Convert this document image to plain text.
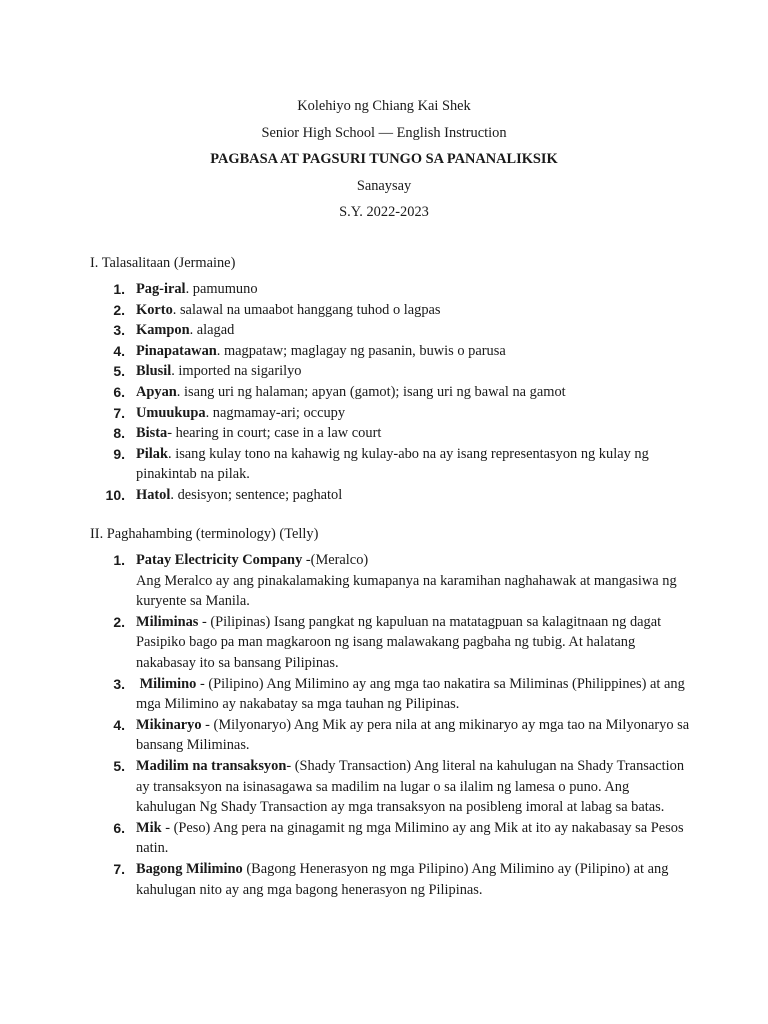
Kolehiyo ng Chiang Kai Shek
Senior High School — English Instruction
PAGBASA AT PAGSURI TUNGO SA PANANALIKSIK
Sanaysay
S.Y. 2022-2023
I. Talasalitaan (Jermaine)
1. Pag-iral. pamumuno
2. Korto. salawal na umaabot hanggang tuhod o lagpas
3. Kampon. alagad
4. Pinapatawan. magpataw; maglagay ng pasanin, buwis o parusa
5. Blusil. imported na sigarilyo
6. Apyan. isang uri ng halaman; apyan (gamot); isang uri ng bawal na gamot
7. Umuukupa. nagmamay-ari; occupy
8. Bista- hearing in court; case in a law court
9. Pilak. isang kulay tono na kahawig ng kulay-abo na ay isang representasyon ng kulay ng pinakintab na pilak.
10. Hatol. desisyon; sentence; paghatol
II. Paghahambing (terminology) (Telly)
1. Patay Electricity Company -(Meralco)
Ang Meralco ay ang pinakalamaking kumapanya na karamihan naghahawak at mangasiwa ng kuryente sa Manila.
2. Miliminas - (Pilipinas) Isang pangkat ng kapuluan na matatagpuan sa kalagitnaan ng dagat Pasipiko bago pa man magkaroon ng isang malawakang pagbaha ng tubig. At halatang nakabasay ito sa bansang Pilipinas.
3. Milimino - (Pilipino) Ang Milimino ay ang mga tao nakatira sa Miliminas (Philippines) at ang mga Milimino ay nakabatay sa mga tauhan ng Pilipinas.
4. Mikinaryo - (Milyonaryo) Ang Mik ay pera nila at ang mikinaryo ay mga tao na Milyonaryo sa bansang Miliminas.
5. Madilim na transaksyon- (Shady Transaction) Ang literal na kahulugan na Shady Transaction ay transaksyon na isinasagawa sa madilim na lugar o sa ilalim ng lamesa o puno. Ang kahulugan Ng Shady Transaction ay mga transaksyon na posibleng imoral at labag sa batas.
6. Mik - (Peso) Ang pera na ginagamit ng mga Milimino ay ang Mik at ito ay nakabasay sa Pesos natin.
7. Bagong Milimino (Bagong Henerasyon ng mga Pilipino) Ang Milimino ay (Pilipino) at ang kahulugan nito ay ang mga bagong henerasyon ng Pilipinas.
